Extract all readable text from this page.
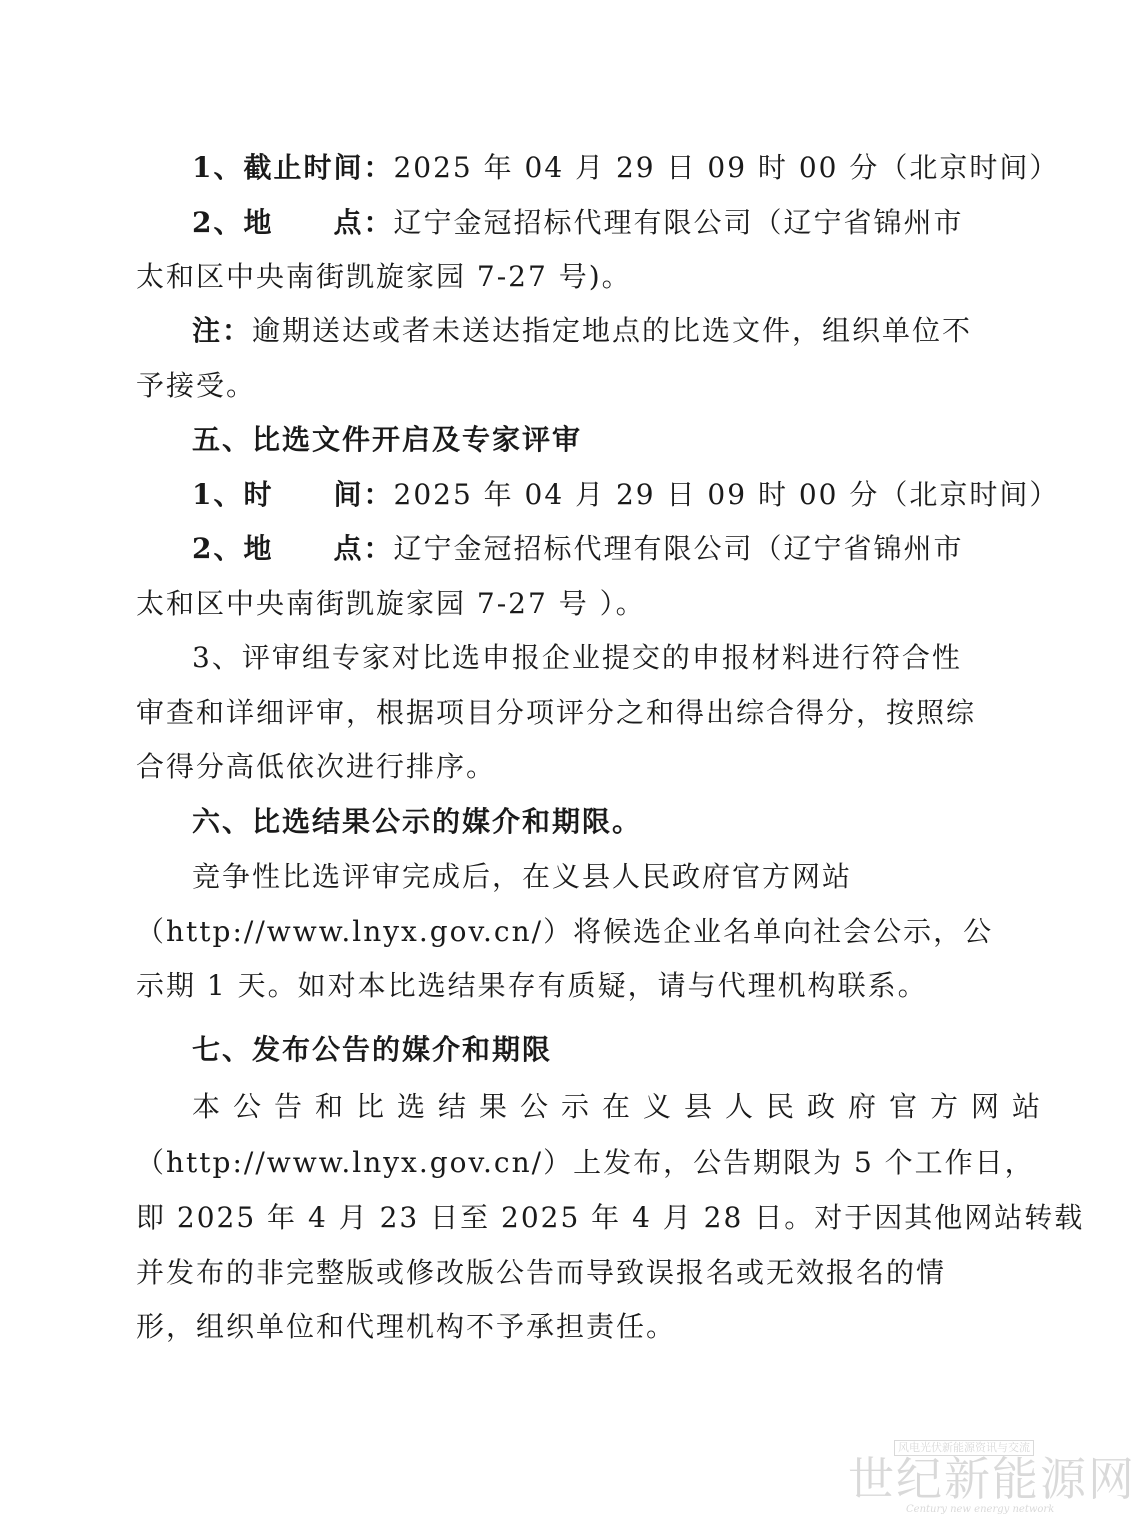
1、截止时间：2025 年 04 月 29 日 09 时 00 分（北京时间）
2、地 点：辽宁金冠招标代理有限公司（辽宁省锦州市
太和区中央南街凯旋家园 7-27 号)。
注：逾期送达或者未送达指定地点的比选文件，组织单位不
予接受。
五、比选文件开启及专家评审
1、时 间：2025 年 04 月 29 日 09 时 00 分（北京时间）
2、地 点：辽宁金冠招标代理有限公司（辽宁省锦州市
太和区中央南街凯旋家园 7-27 号 ）。
3、评审组专家对比选申报企业提交的申报材料进行符合性
审查和详细评审，根据项目分项评分之和得出综合得分，按照综
合得分高低依次进行排序。
六、比选结果公示的媒介和期限。
竞争性比选评审完成后，在义县人民政府官方网站
（http://www.lnyx.gov.cn/）将候选企业名单向社会公示，公
示期 1 天。如对本比选结果存有质疑，请与代理机构联系。
七、发布公告的媒介和期限
本公告和比选结果公示在义县人民政府官方网站
（http://www.lnyx.gov.cn/）上发布，公告期限为 5 个工作日，
即 2025 年 4 月 23 日至 2025 年 4 月 28 日。对于因其他网站转载
并发布的非完整版或修改版公告而导致误报名或无效报名的情
形，组织单位和代理机构不予承担责任。
风电光伏新能源资讯与交流
世纪新能源网
Century new energy network
